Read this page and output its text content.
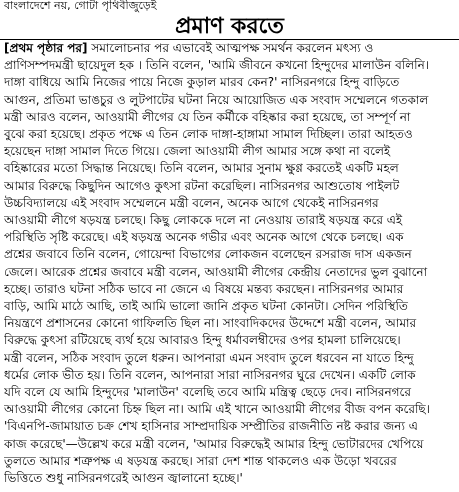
বাংলাদেশে নয়, গোটা পৃথিবীজুড়েই
প্রমাণ করতে
[প্রথম পৃষ্ঠার পর] সমালোচনার পর এভাবেই আত্মপক্ষ সমর্থন করলেন মৎস্য ও
প্রাণিসম্পদমন্ত্রী ছায়েদুল হক । তিনি বলেন, 'আমি জীবনে কখনো হিন্দুদের মালাউন বলিনি।
দাঙ্গা বাধিয়ে আমি নিজের পায়ে নিজে কুড়াল মারব কেন?' নাসিরনগরে হিন্দু বাড়িতে
আগুন, প্রতিমা ভাঙচুর ও লুটপাটের ঘটনা নিয়ে আয়োজিত এক সংবাদ সম্মেলনে গতকাল
মন্ত্রী আরও বলেন, আওয়ামী লীগের যে তিন কর্মীকে বহিষ্কার করা হয়েছে, তা সম্পূর্ণ না
বুঝে করা হয়েছে। প্রকৃত পক্ষে এ তিন লোক দাঙ্গা-হাঙ্গামা সামাল দিচ্ছিল। তারা আহতও
হয়েছেন দাঙ্গা সামাল দিতে গিয়ে। জেলা আওয়ামী লীগ আমার সঙ্গে কথা না বলেই
বহিষ্কারের মতো সিদ্ধান্ত নিয়েছে। তিনি বলেন, আমার সুনাম ক্ষুণ্ণ করতেই একটি মহল
আমার বিরুদ্ধে কিছুদিন আগেও কুৎসা রটনা করেছিল। নাসিরনগর আশুতোষ পাইলট
উচ্চবিদ্যালয়ে এই সংবাদ সম্মেলনে মন্ত্রী বলেন, অনেক আগে থেকেই নাসিরনগর
আওয়ামী লীগে ষড়যন্ত্র চলছে। কিছু লোককে দলে না নেওয়ায় তারাই ষড়যন্ত্র করে এই
পরিস্থিতি সৃষ্টি করেছে। এই ষড়যন্ত্র অনেক গভীর এবং অনেক আগে থেকে চলছে। এক
প্রশ্নের জবাবে তিনি বলেন, গোয়েন্দা বিভাগের লোকজন বলেছেন রসরাজ দাস একজন
জেলে। আরেক প্রশ্নের জবাবে মন্ত্রী বলেন, আওয়ামী লীগের কেন্দ্রীয় নেতাদের ভুল বুঝানো
হচ্ছে। তারাও ঘটনা সঠিক ভাবে না জেনে এ বিষয়ে মন্তব্য করছেন। নাসিরনগর আমার
বাড়ি, আমি মাঠে আছি, তাই আমি ভালো জানি প্রকৃত ঘটনা কোনটা। সেদিন পরিস্থিতি
নিয়ন্ত্রণে প্রশাসনের কোনো গাফিলতি ছিল না। সাংবাদিকদের উদ্দেশে মন্ত্রী বলেন, আমার
বিরুদ্ধে কুৎসা রটিয়েছে ব্যর্থ হয়ে আবারও হিন্দু ধর্মাবলম্বীদের ওপর হামলা চালিয়েছে।
মন্ত্রী বলেন, সঠিক সংবাদ তুলে ধরুন। আপনারা এমন সংবাদ তুলে ধরবেন না যাতে হিন্দু
ধর্মের লোক ভীত হয়। তিনি বলেন, আপনারা সারা নাসিরনগর ঘুরে দেখেন। একটি লোক
যদি বলে যে আমি হিন্দুদের 'মালাউন' বলেছি তবে আমি মন্ত্রিত্ব ছেড়ে দেব। নাসিরনগরে
আওয়ামী লীগের কোনো চিহ্ন ছিল না। আমি এই খানে আওয়ামী লীগের বীজ বপন করেছি।
'বিএনপি-জামায়াত চক্র শেখ হাসিনার সাম্প্রদায়িক সম্প্রীতির রাজনীতি নষ্ট করার জন্য এ
কাজ করেছে'—উল্লেখ করে মন্ত্রী বলেন, 'আমার বিরুদ্ধেই আমার হিন্দু ভোটারদের খেপিয়ে
তুলতে আমার শত্রুপক্ষ এ ষড়যন্ত্র করছে। সারা দেশ শান্ত থাকলেও এক উড়ো খবরের
ভিত্তিতে শুধু নাসিরনগরেই আগুন জ্বালানো হচ্ছে।'
